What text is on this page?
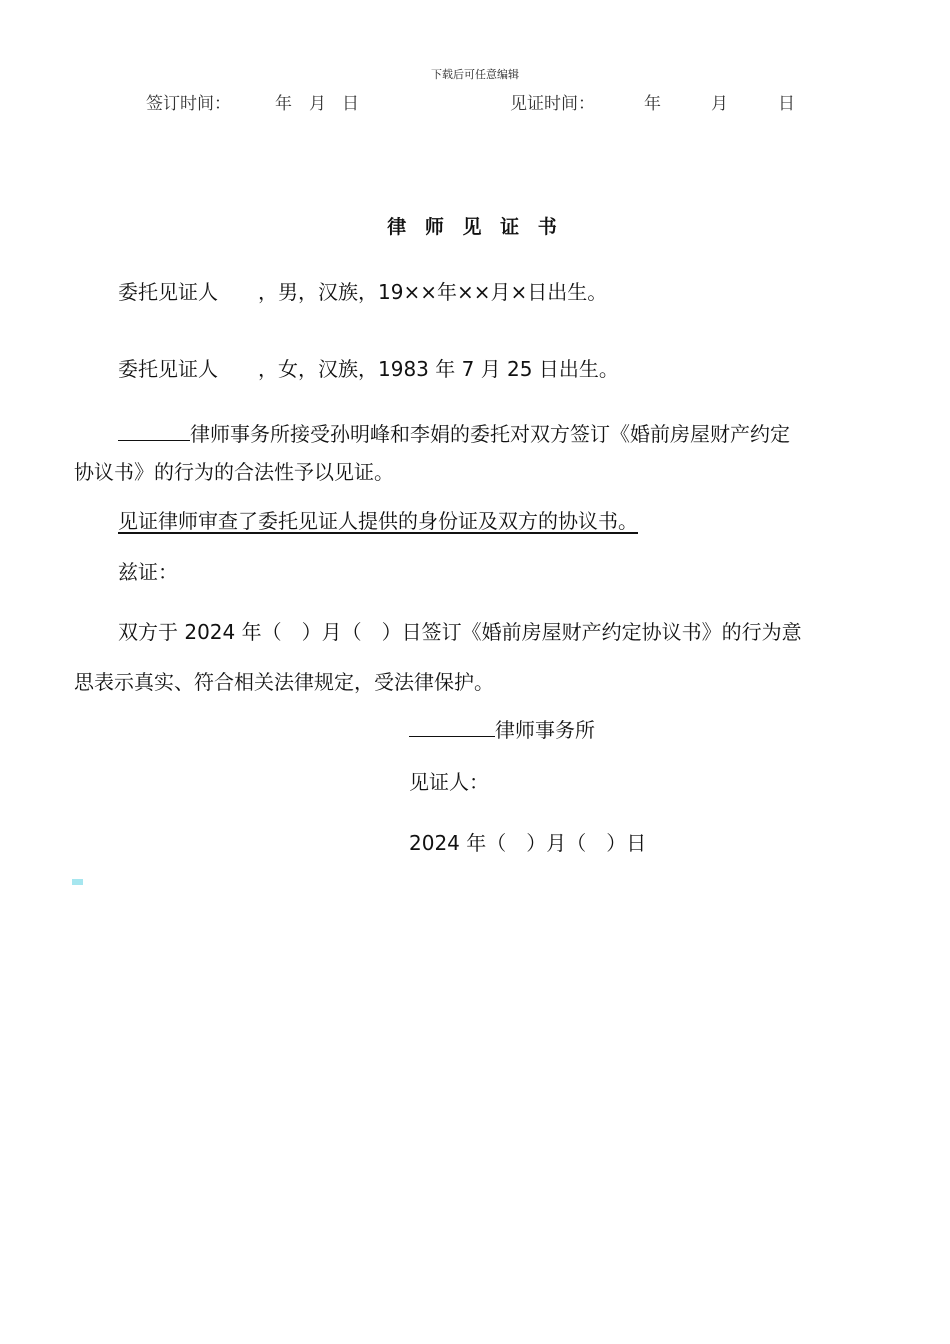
下载后可任意编辑
签订时间：	年 月 日	见证时间：	年	月	日
律 师 见 证 书
委托见证人　　，男，汉族，19××年××月×日出生。
委托见证人　　，女，汉族，1983 年 7 月 25 日出生。
律师事务所接受孙明峰和李娟的委托对双方签订《婚前房屋财产约定
协议书》的行为的合法性予以见证。
见证律师审查了委托见证人提供的身份证及双方的协议书。
兹证：
双方于 2024 年（　）月（　）日签订《婚前房屋财产约定协议书》的行为意
思表示真实、符合相关法律规定，受法律保护。
律师事务所
见证人：
2024 年（　）月（　）日
